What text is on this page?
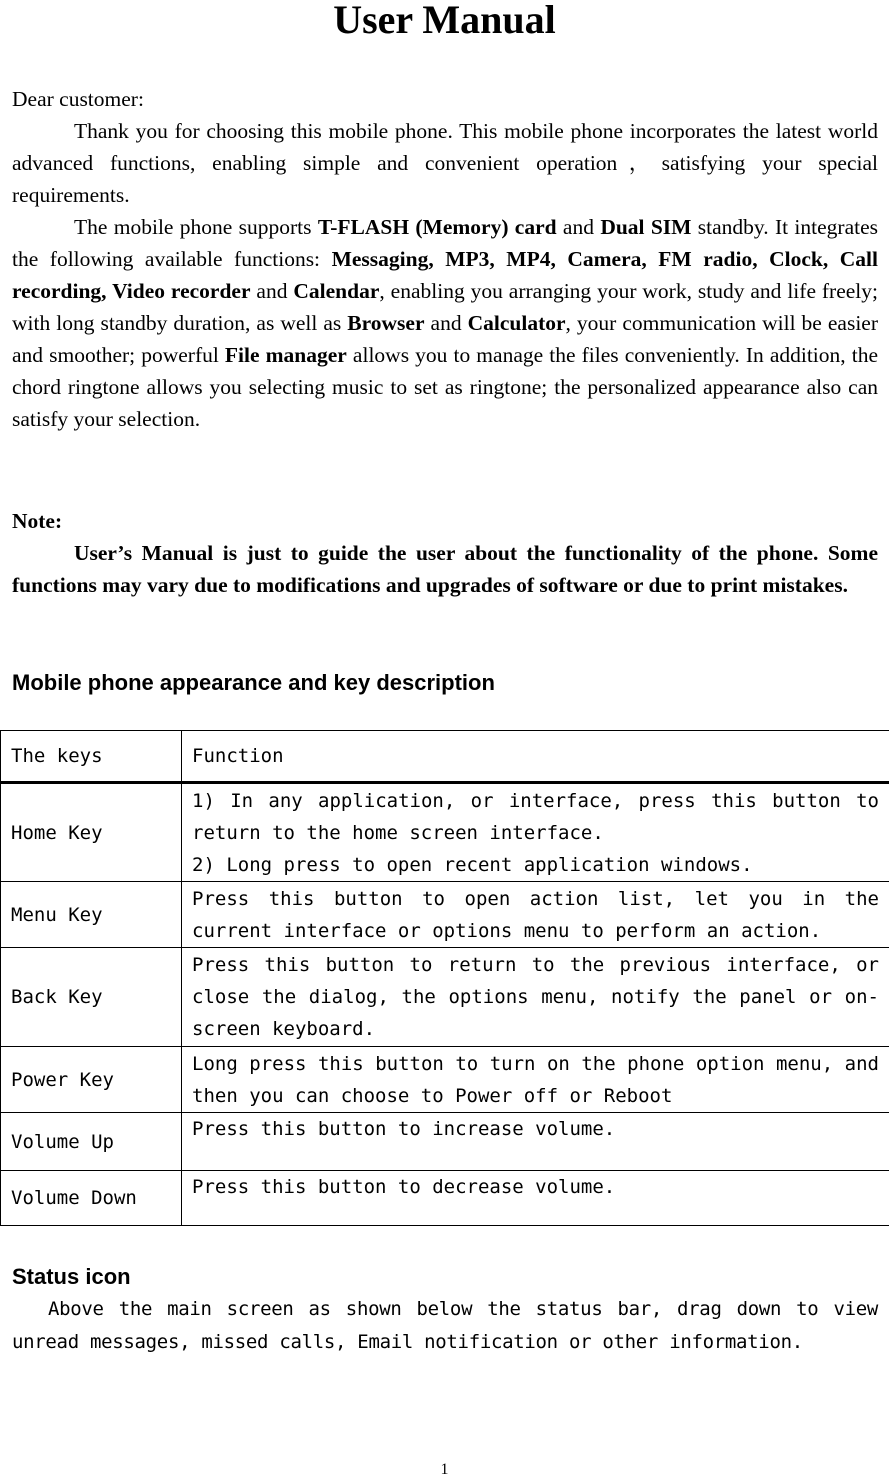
User Manual

Dear customer:

Thank you for choosing this mobile phone. This mobile phone incorporates the latest world advanced functions, enabling simple and convenient operation，satisfying your special requirements.

The mobile phone supports T-FLASH (Memory) card and Dual SIM standby. It integrates the following available functions: Messaging, MP3, MP4, Camera, FM radio, Clock, Call recording, Video recorder and Calendar, enabling you arranging your work, study and life freely; with long standby duration, as well as Browser and Calculator, your communication will be easier and smoother; powerful File manager allows you to manage the files conveniently. In addition, the chord ringtone allows you selecting music to set as ringtone; the personalized appearance also can satisfy your selection.

Note:

User’s Manual is just to guide the user about the functionality of the phone. Some functions may vary due to modifications and upgrades of software or due to print mistakes.

Mobile phone appearance and key description
The keys	Function
Home Key	1) In any application, or interface, press this button to return to the home screen interface.
2) Long press to open recent application windows.

Menu Key	Press this button to open action list, let you in the current interface or options menu to perform an action.
Back Key	Press this button to return to the previous interface, or close the dialog, the options menu, notify the panel or on-screen keyboard.
Power Key	Long press this button to turn on the phone option menu, and then you can choose to Power off or Reboot
Volume Up	Press this button to increase volume.
Volume Down	Press this button to decrease volume.
Status icon

Above the main screen as shown below the status bar, drag down to view unread messages, missed calls, Email notification or other information.

1
